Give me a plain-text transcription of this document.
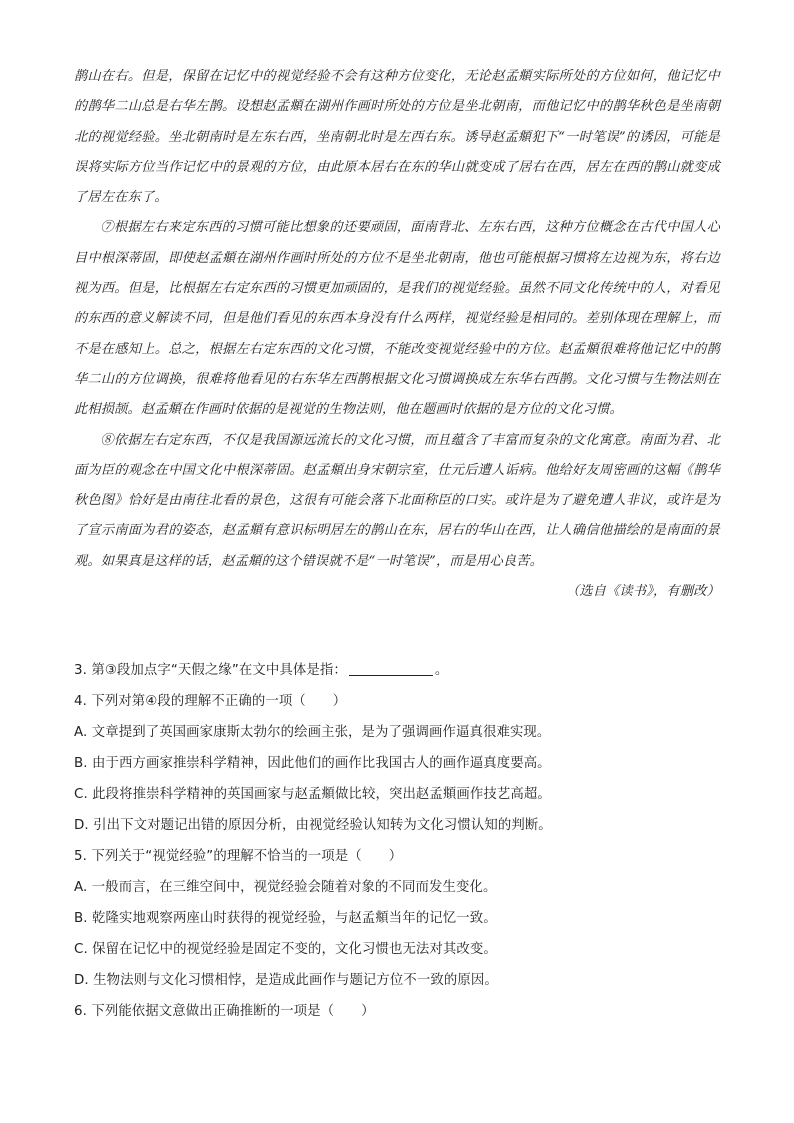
鹊山在右。但是，保留在记忆中的视觉经验不会有这种方位变化，无论赵孟頫实际所处的方位如何，他记忆中的鹊华二山总是右华左鹊。设想赵孟頫在湖州作画时所处的方位是坐北朝南，而他记忆中的鹊华秋色是坐南朝北的视觉经验。坐北朝南时是左东右西，坐南朝北时是左西右东。诱导赵孟頫犯下“一时笔误”的诱因，可能是误将实际方位当作记忆中的景观的方位，由此原本居右在东的华山就变成了居右在西，居左在西的鹊山就变成了居左在东了。

⑦根据左右来定东西的习惯可能比想象的还要顽固，面南背北、左东右西，这种方位概念在古代中国人心目中根深蒂固，即使赵孟頫在湖州作画时所处的方位不是坐北朝南，他也可能根据习惯将左边视为东，将右边视为西。但是，比根据左右定东西的习惯更加顽固的，是我们的视觉经验。虽然不同文化传统中的人，对看见的东西的意义解读不同，但是他们看见的东西本身没有什么两样，视觉经验是相同的。差别体现在理解上，而不是在感知上。总之，根据左右定东西的文化习惯，不能改变视觉经验中的方位。赵孟頫很难将他记忆中的鹊华二山的方位调换，很难将他看见的右东华左西鹊根据文化习惯调换成左东华右西鹊。文化习惯与生物法则在此相损颉。赵孟頫在作画时依据的是视觉的生物法则，他在题画时依据的是方位的文化习惯。

⑧依据左右定东西，不仅是我国源远流长的文化习惯，而且蕴含了丰富而复杂的文化寓意。南面为君、北面为臣的观念在中国文化中根深蒂固。赵孟頫出身宋朝宗室，仕元后遭人诟病。他给好友周密画的这幅《鹊华秋色图》恰好是由南往北看的景色，这很有可能会落下北面称臣的口实。或许是为了避免遭人非议，或许是为了宣示南面为君的姿态，赵孟頫有意识标明居左的鹊山在东，居右的华山在西，让人确信他描绘的是南面的景观。如果真是这样的话，赵孟頫的这个错误就不是“一时笔误”，而是用心良苦。

（选自《读书》，有删改）

3. 第③段加点字“天假之缘”在文中具体是指：	。
4. 下列对第④段的理解不正确的一项（　　）
A. 文章提到了英国画家康斯太勃尔的绘画主张，是为了强调画作逼真很难实现。
B. 由于西方画家推崇科学精神，因此他们的画作比我国古人的画作逼真度要高。
C. 此段将推崇科学精神的英国画家与赵孟頫做比较，突出赵孟頫画作技艺高超。
D. 引出下文对题记出错的原因分析，由视觉经验认知转为文化习惯认知的判断。
5. 下列关于“视觉经验”的理解不恰当的一项是（　　）
A. 一般而言，在三维空间中，视觉经验会随着对象的不同而发生变化。
B. 乾隆实地观察两座山时获得的视觉经验，与赵孟頫当年的记忆一致。
C. 保留在记忆中的视觉经验是固定不变的，文化习惯也无法对其改变。
D. 生物法则与文化习惯相悖，是造成此画作与题记方位不一致的原因。
6. 下列能依据文意做出正确推断的一项是（　　）
